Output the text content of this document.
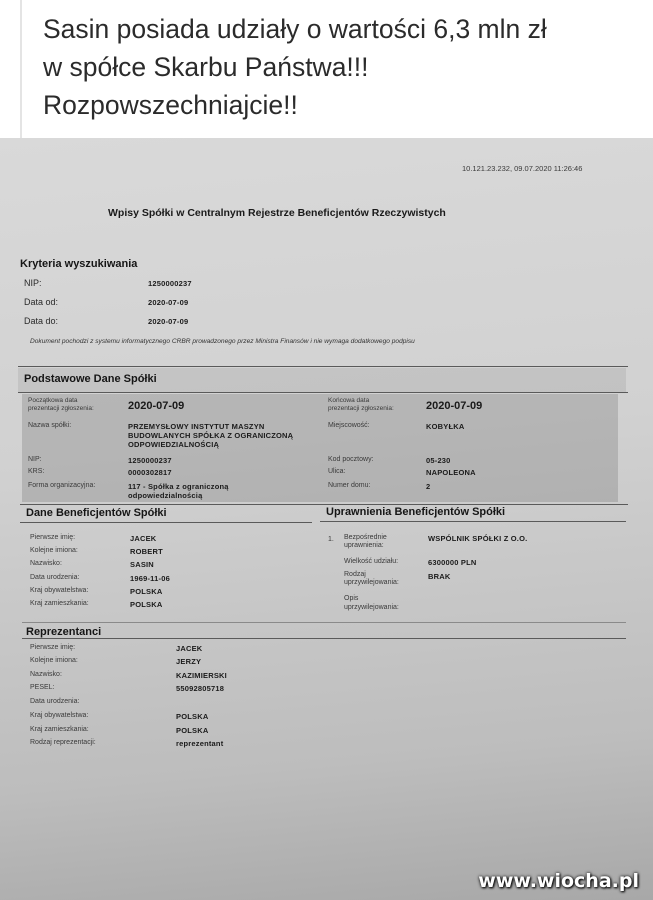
Sasin posiada udziały o wartości 6,3 mln zł
w spółce Skarbu Państwa!!!
Rozpowszechniajcie!!
10.121.23.232, 09.07.2020 11:26:46
Wpisy Spółki w Centralnym Rejestrze Beneficjentów Rzeczywistych
Kryteria wyszukiwania
NIP:	1250000237
Data od:	2020-07-09
Data do:	2020-07-09
Dokument pochodzi z systemu informatycznego CRBR prowadzonego przez Ministra Finansów i nie wymaga dodatkowego podpisu
Podstawowe Dane Spółki
Początkowa data
prezentacji zgłoszenia:	2020-07-09	Końcowa data
prezentacji zgłoszenia:	2020-07-09
Nazwa spółki:	PRZEMYSŁOWY INSTYTUT MASZYN
BUDOWLANYCH SPÓŁKA Z OGRANICZONĄ
ODPOWIEDZIALNOŚCIĄ
Miejscowość:	KOBYŁKA
NIP:	1250000237	Kod pocztowy:	05-230
KRS:	0000302817	Ulica:	NAPOLEONA
Forma organizacyjna:	117 - Spółka z ograniczoną
odpowiedzialnością
Numer domu:	2
Dane Beneficjentów Spółki	Uprawnienia Beneficjentów Spółki
Pierwsze imię:	JACEK
Kolejne imiona:	ROBERT
Nazwisko:	SASIN
Data urodzenia:	1969-11-06
Kraj obywatelstwa:	POLSKA
Kraj zamieszkania:	POLSKA
1. Bezpośrednie
uprawnienia:
WSPÓLNIK SPÓŁKI Z O.O.
Wielkość udziału:	6300000 PLN
Rodzaj
uprzywilejowania:
BRAK
Opis
uprzywilejowania:
Reprezentanci
Pierwsze imię:	JACEK
Kolejne imiona:	JERZY
Nazwisko:	KAZIMIERSKI
PESEL:	55092805718
Data urodzenia:
Kraj obywatelstwa:	POLSKA
Kraj zamieszkania:	POLSKA
Rodzaj reprezentacji:	reprezentant
www.wiocha.pl
